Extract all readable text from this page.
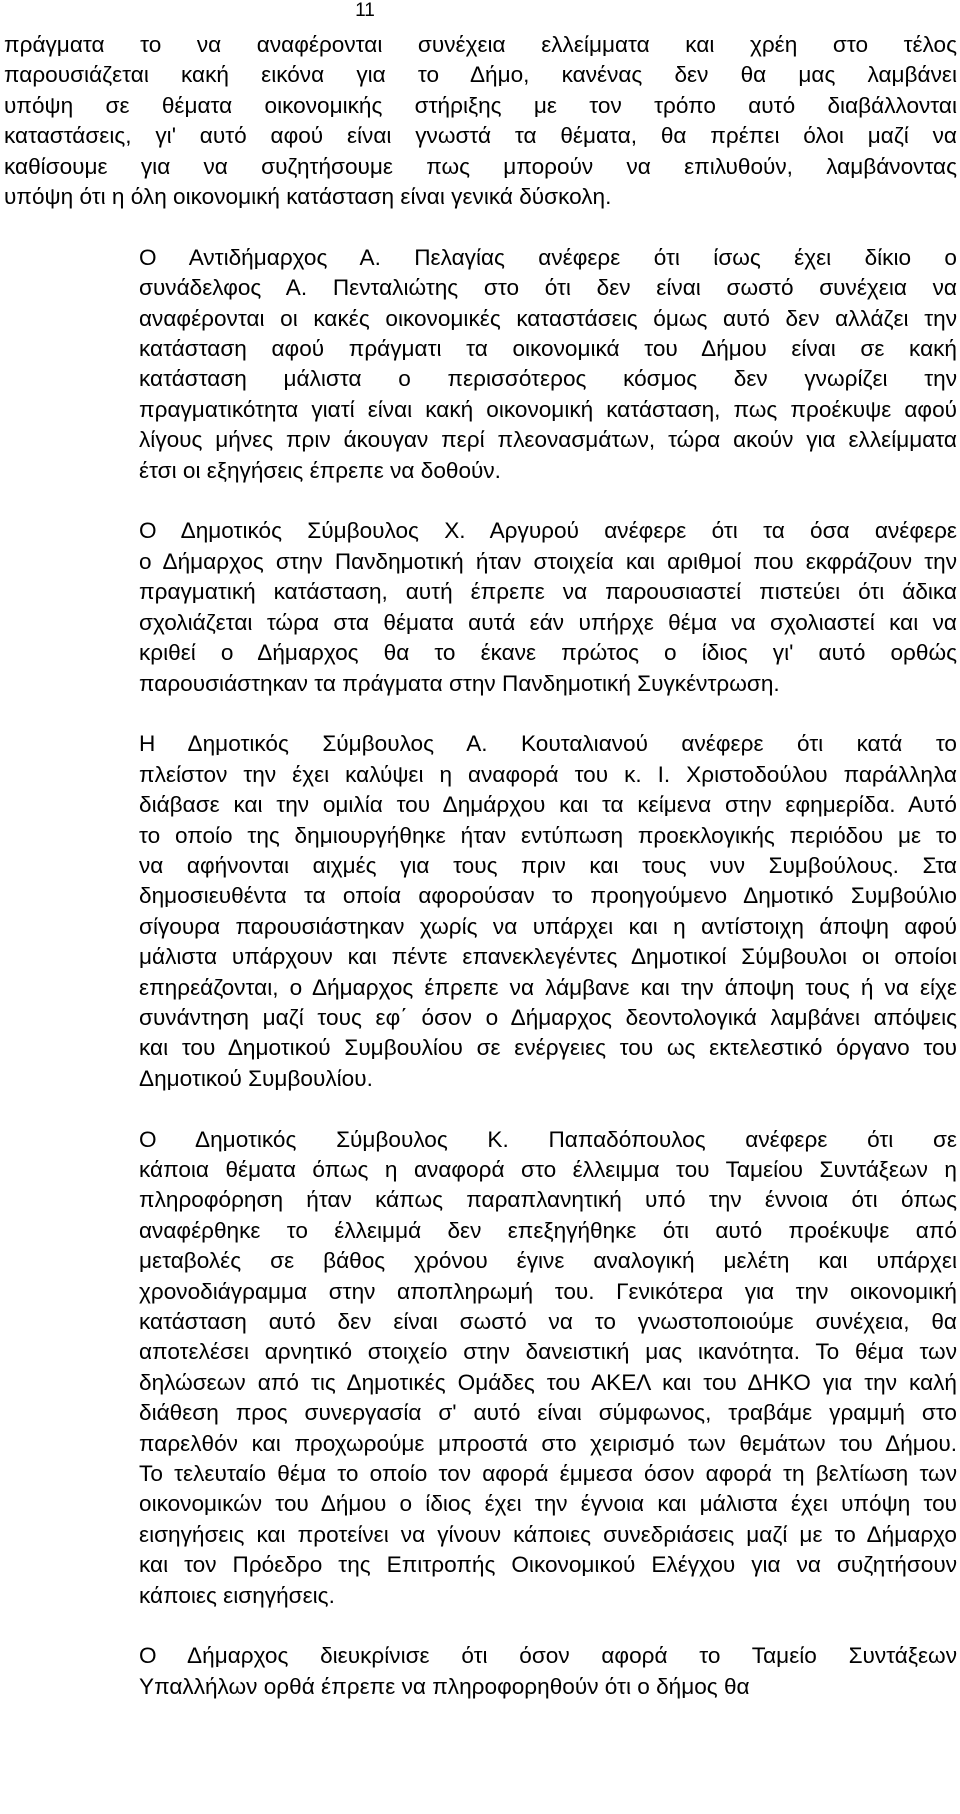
11

πράγματα το να αναφέρονται συνέχεια ελλείμματα και χρέη στο τέλος
παρουσιάζεται κακή εικόνα για το Δήμο, κανένας δεν θα μας λαμβάνει
υπόψη σε θέματα οικονομικής στήριξης με τον τρόπο αυτό διαβάλλονται
καταστάσεις, γι' αυτό αφού είναι γνωστά τα θέματα, θα πρέπει όλοι μαζί να
καθίσουμε για να συζητήσουμε πως μπορούν να επιλυθούν, λαμβάνοντας
υπόψη ότι η όλη οικονομική κατάσταση είναι γενικά δύσκολη.

Ο Αντιδήμαρχος Α. Πελαγίας ανέφερε ότι ίσως έχει δίκιο ο
συνάδελφος Α. Πενταλιώτης στο ότι δεν είναι σωστό συνέχεια να
αναφέρονται οι κακές οικονομικές καταστάσεις όμως αυτό δεν αλλάζει την
κατάσταση αφού πράγματι τα οικονομικά του Δήμου είναι σε κακή
κατάσταση μάλιστα ο περισσότερος κόσμος δεν γνωρίζει την
πραγματικότητα γιατί είναι κακή οικονομική κατάσταση, πως προέκυψε αφού
λίγους μήνες πριν άκουγαν περί πλεονασμάτων, τώρα ακούν για ελλείμματα
έτσι οι εξηγήσεις έπρεπε να δοθούν.

Ο Δημοτικός Σύμβουλος Χ. Αργυρού ανέφερε ότι τα όσα ανέφερε
ο Δήμαρχος στην Πανδημοτική ήταν στοιχεία και αριθμοί που εκφράζουν την
πραγματική κατάσταση, αυτή έπρεπε να παρουσιαστεί πιστεύει ότι άδικα
σχολιάζεται τώρα στα θέματα αυτά εάν υπήρχε θέμα να σχολιαστεί και να
κριθεί ο Δήμαρχος θα το έκανε πρώτος ο ίδιος γι' αυτό ορθώς
παρουσιάστηκαν τα πράγματα στην Πανδημοτική Συγκέντρωση.

Η Δημοτικός Σύμβουλος Α. Κουταλιανού ανέφερε ότι κατά το
πλείστον την έχει καλύψει η αναφορά του κ. Ι. Χριστοδούλου παράλληλα
διάβασε και την ομιλία του Δημάρχου και τα κείμενα στην εφημερίδα. Αυτό
το οποίο της δημιουργήθηκε ήταν εντύπωση προεκλογικής περιόδου με το
να αφήνονται αιχμές για τους πριν και τους νυν Συμβούλους. Στα
δημοσιευθέντα τα οποία αφορούσαν το προηγούμενο Δημοτικό Συμβούλιο
σίγουρα παρουσιάστηκαν χωρίς να υπάρχει και η αντίστοιχη άποψη αφού
μάλιστα υπάρχουν και πέντε επανεκλεγέντες Δημοτικοί Σύμβουλοι οι οποίοι
επηρεάζονται, ο Δήμαρχος έπρεπε να λάμβανε και την άποψη τους ή να είχε
συνάντηση μαζί τους εφ΄ όσον ο Δήμαρχος δεοντολογικά λαμβάνει απόψεις
και του Δημοτικού Συμβουλίου σε ενέργειες του ως εκτελεστικό όργανο του
Δημοτικού Συμβουλίου.

Ο Δημοτικός Σύμβουλος Κ. Παπαδόπουλος ανέφερε ότι σε
κάποια θέματα όπως η αναφορά στο έλλειμμα του Ταμείου Συντάξεων η
πληροφόρηση ήταν κάπως παραπλανητική υπό την έννοια ότι όπως
αναφέρθηκε το έλλειμμά δεν επεξηγήθηκε ότι αυτό προέκυψε από
μεταβολές σε βάθος χρόνου έγινε αναλογική μελέτη και υπάρχει
χρονοδιάγραμμα στην αποπληρωμή του. Γενικότερα για την οικονομική
κατάσταση αυτό δεν είναι σωστό να το γνωστοποιούμε συνέχεια, θα
αποτελέσει αρνητικό στοιχείο στην δανειστική μας ικανότητα. Το θέμα των
δηλώσεων από τις Δημοτικές Ομάδες του ΑΚΕΛ και του ΔΗΚΟ για την καλή
διάθεση προς συνεργασία σ' αυτό είναι σύμφωνος, τραβάμε γραμμή στο
παρελθόν και προχωρούμε μπροστά στο χειρισμό των θεμάτων του Δήμου.
Το τελευταίο θέμα το οποίο τον αφορά έμμεσα όσον αφορά τη βελτίωση των
οικονομικών του Δήμου ο ίδιος έχει την έγνοια και μάλιστα έχει υπόψη του
εισηγήσεις και προτείνει να γίνουν κάποιες συνεδριάσεις μαζί με το Δήμαρχο
και τον Πρόεδρο της Επιτροπής Οικονομικού Ελέγχου για να συζητήσουν
κάποιες εισηγήσεις.

Ο Δήμαρχος διευκρίνισε ότι όσον αφορά το Ταμείο Συντάξεων
Υπαλλήλων ορθά έπρεπε να πληροφορηθούν ότι ο δήμος θα
